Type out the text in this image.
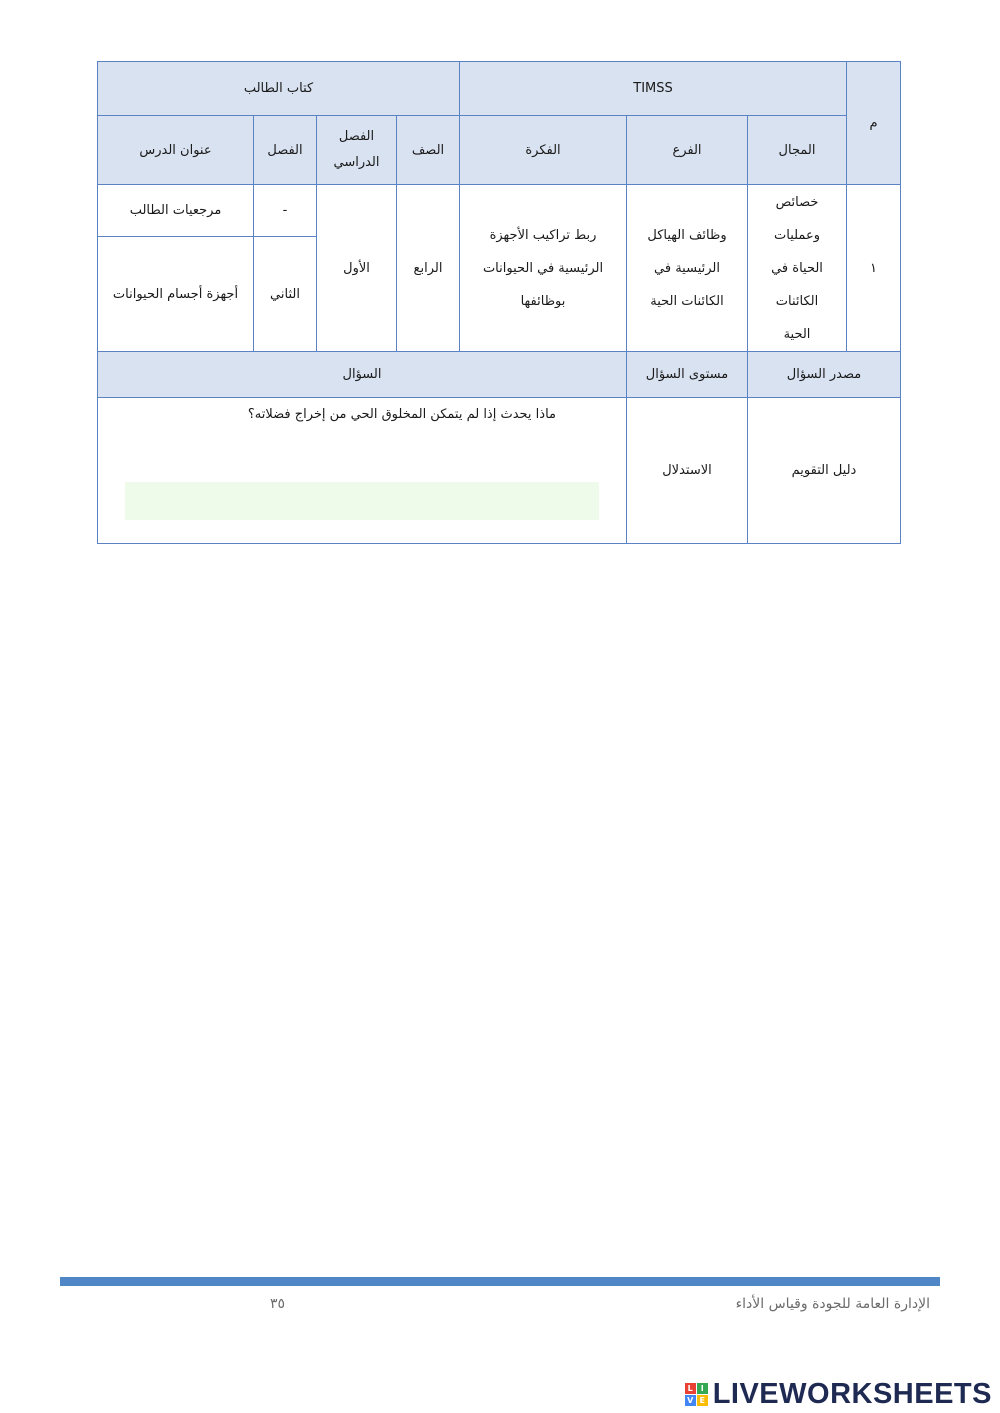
م	TIMSS			كتاب الطالب			
	المجال	الفرع	الفكرة	الصف	الفصل الدراسي	الفصل	عنوان الدرس
١	خصائص وعمليات الحياة في الكائنات الحية	وظائف الهياكل الرئيسية في الكائنات الحية	ربط تراكيب الأجهزة الرئيسية في الحيوانات بوظائفها	الرابع	الأول	-	مرجعيات الطالب
						الثاني	أجهزة أجسام الحيوانات
مصدر السؤال		مستوى السؤال	السؤال				
دليل التقويم		الاستدلال	ماذا يحدث إذا لم يتمكن المخلوق الحي من إخراج فضلاته؟				
الإدارة العامة للجودة وقياس الأداء
٣٥
L I
V E LIVEWORKSHEETS
